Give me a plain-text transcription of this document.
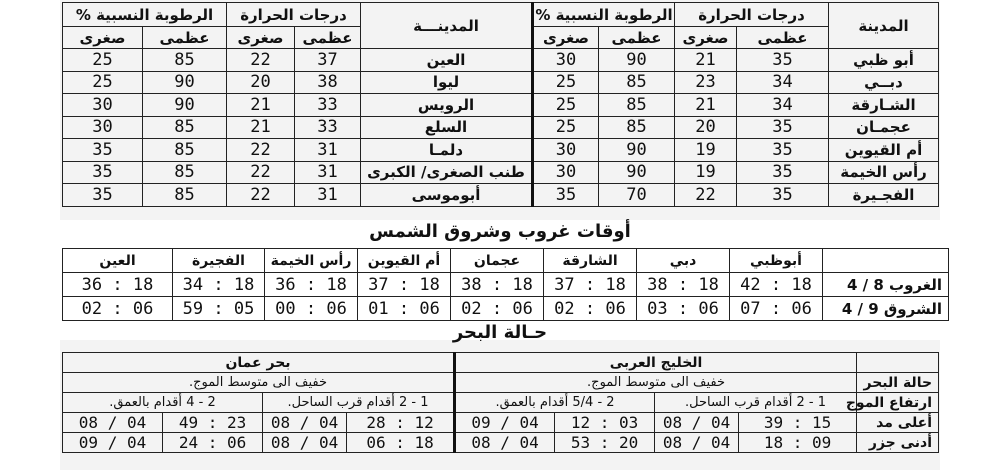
المدينة	درجات الحرارة		الرطوبة النسبية %		المدينـــة	درجات الحرارة		الرطوبة النسبية %	
	عظمى	صغرى	عظمى	صغرى		عظمى	صغرى	عظمى	صغرى
أبو ظبي	35	21	90	30	العين	37	22	85	25
دبــي	34	23	85	25	ليوا	38	20	90	25
الشـارقة	34	21	85	25	الرويس	33	21	90	30
عجمـان	35	20	85	25	السلع	33	21	85	30
أم القيوين	35	19	90	30	دلمـا	31	22	85	35
رأس الخيمة	35	19	90	30	طنب الصغرى/ الكبرى	31	22	85	35
الفجـيرة	35	22	70	35	أبوموسى	31	22	85	35
أوقات غروب وشروق الشمس
	أبوظبي	دبي	الشارقة	عجمان	أم القيوين	رأس الخيمة	الفجيرة	العين
الغروب 8 / 4	18 : 42	18 : 38	18 : 37	18 : 38	18 : 37	18 : 36	18 : 34	18 : 36
الشروق 9 / 4	06 : 07	06 : 03	06 : 02	06 : 02	06 : 01	06 : 00	05 : 59	06 : 02
حـالة البحر
	الخليج العربى				بحر عمان			
حالة البحر	خفيف الى متوسط الموج.				خفيف الى متوسط الموج.			
ارتفاع الموج	1 - 2 أقدام قرب الساحل.		2 - 5/4 أقدام بالعمق.		1 - 2 أقدام قرب الساحل.		2 - 4 أقدام بالعمق.	
أعلى مد	15 : 39	04 / 08	03 : 12	04 / 09	12 : 28	04 / 08	23 : 49	04 / 08
أدنى جزر	09 : 18	04 / 08	20 : 53	04 / 08	18 : 06	04 / 08	06 : 24	04 / 09
